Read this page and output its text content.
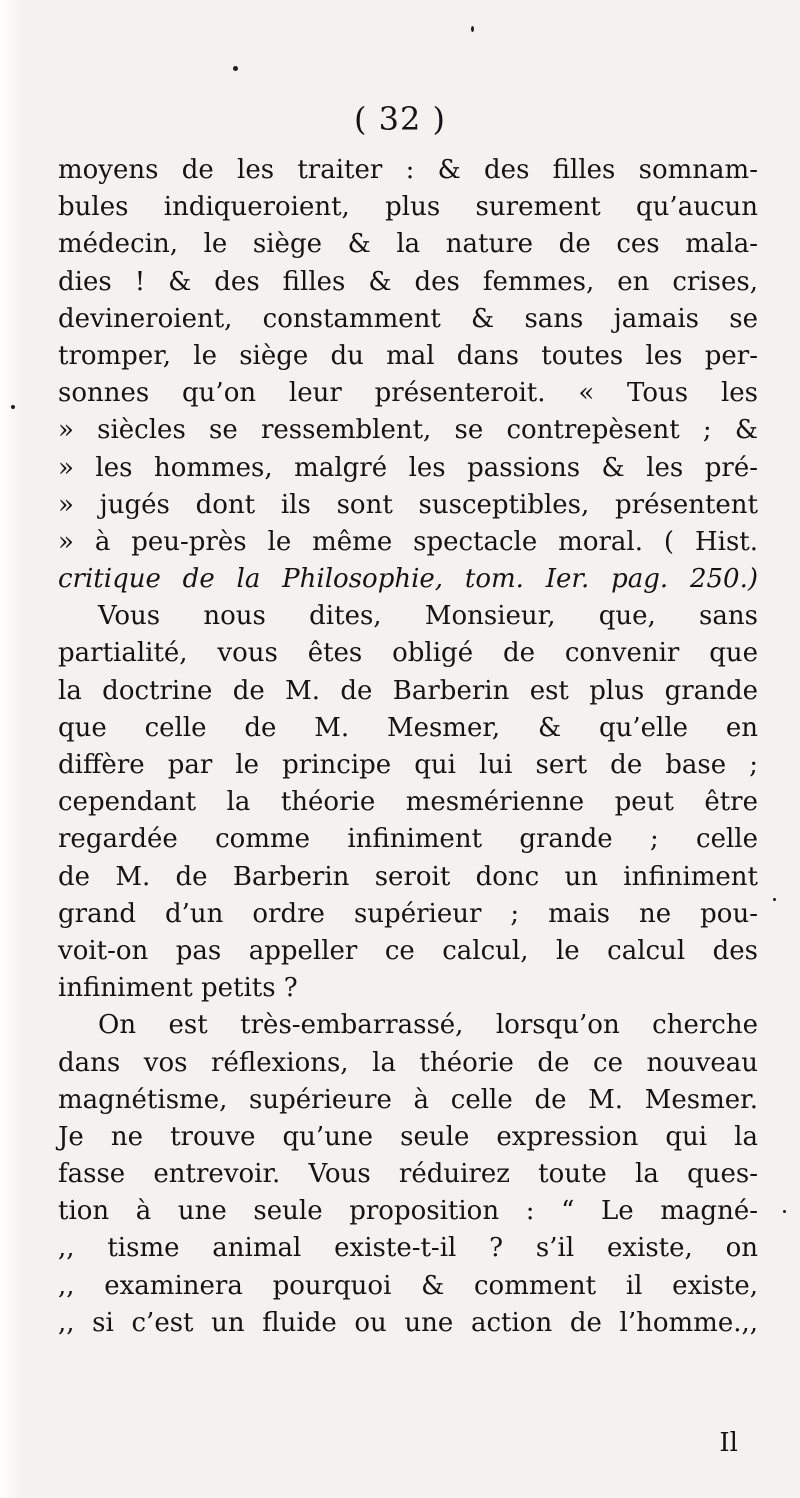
( 32 )
moyens de les traiter : & des filles somnam-
bules indiqueroient, plus surement qu’aucun
médecin, le siège & la nature de ces mala-
dies ! & des filles & des femmes, en crises,
devineroient, constamment & sans jamais se
tromper, le siège du mal dans toutes les per-
sonnes qu’on leur présenteroit. « Tous les
» siècles se ressemblent, se contrepèsent ; &
» les hommes, malgré les passions & les pré-
» jugés dont ils sont susceptibles, présentent
» à peu-près le même spectacle moral. ( Hist.
critique de la Philosophie, tom. Ier. pag. 250.)
Vous nous dites, Monsieur, que, sans
partialité, vous êtes obligé de convenir que
la doctrine de M. de Barberin est plus grande
que celle de M. Mesmer, & qu’elle en
diffère par le principe qui lui sert de base ;
cependant la théorie mesmérienne peut être
regardée comme infiniment grande ; celle
de M. de Barberin seroit donc un infiniment
grand d’un ordre supérieur ; mais ne pou-
voit-on pas appeller ce calcul, le calcul des
infiniment petits ?
On est très-embarrassé, lorsqu’on cherche
dans vos réflexions, la théorie de ce nouveau
magnétisme, supérieure à celle de M. Mesmer.
Je ne trouve qu’une seule expression qui la
fasse entrevoir. Vous réduirez toute la ques-
tion à une seule proposition : “ Le magné-
,, tisme animal existe-t-il ? s’il existe, on
,, examinera pourquoi & comment il existe,
,, si c’est un fluide ou une action de l’homme.,,
Il
